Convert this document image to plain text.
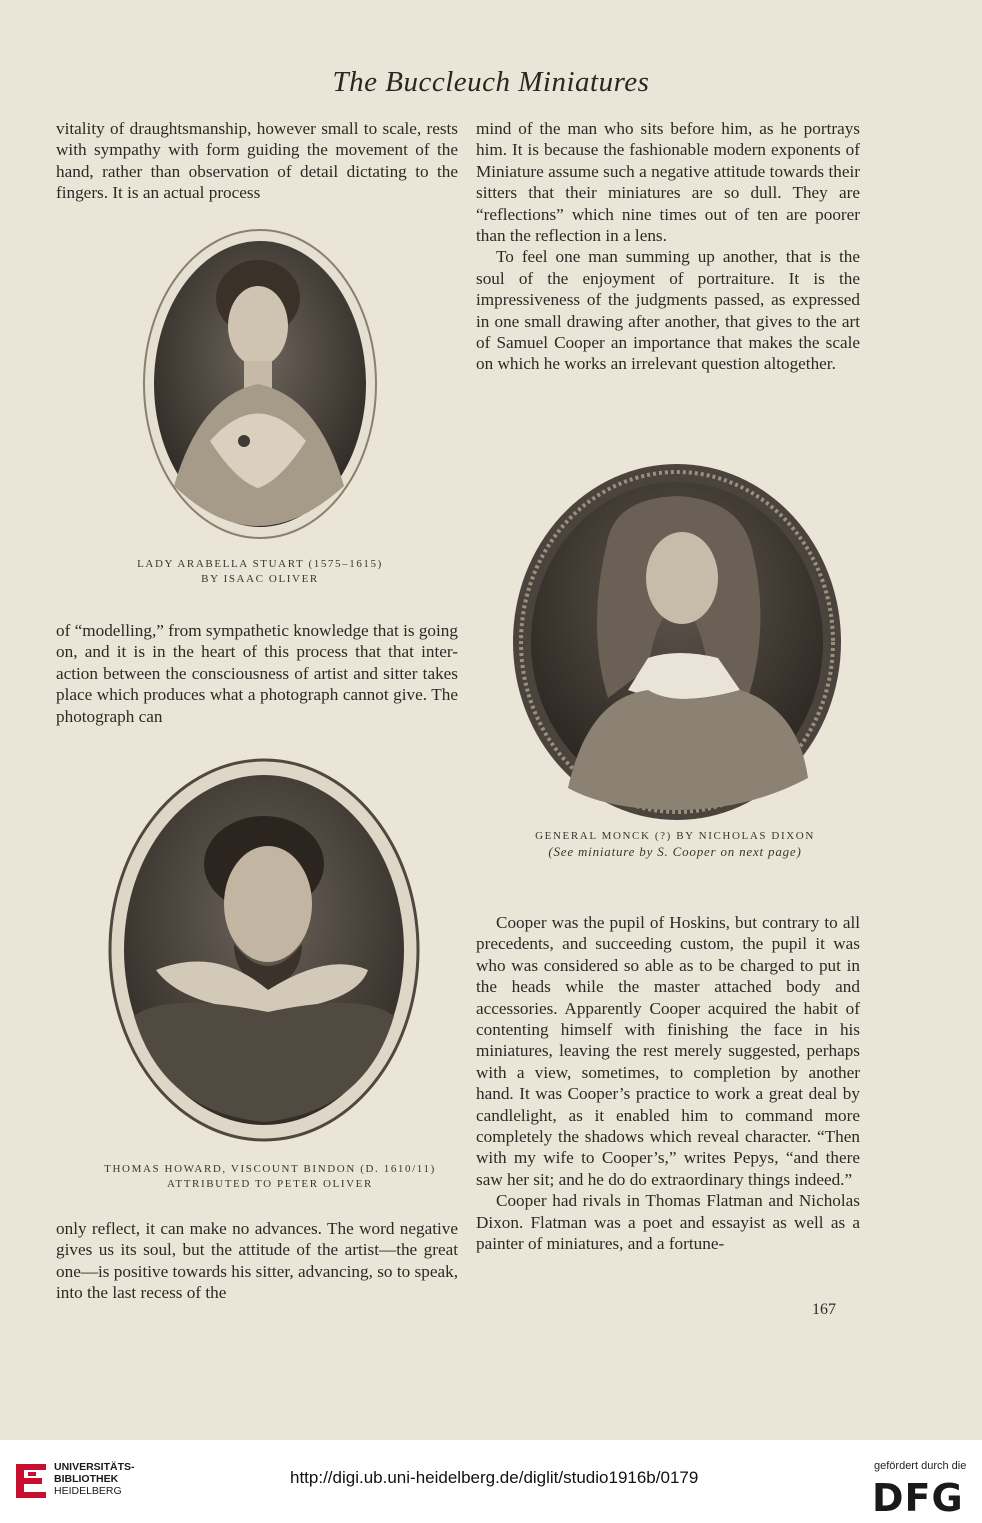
The Buccleuch Miniatures

vitality of draughtsmanship, however small to scale, rests with sympathy with form guiding the movement of the hand, rather than observation of detail dictating to the fingers. It is an actual process

of “modelling,” from sympathetic knowledge that is going on, and it is in the heart of this process that that inter-action between the consciousness of artist and sitter takes place which produces what a photograph cannot give. The photograph can

only reflect, it can make no advances. The word negative gives us its soul, but the attitude of the artist—the great one—is positive towards his sitter, advancing, so to speak, into the last recess of the

mind of the man who sits before him, as he portrays him. It is because the fashionable modern exponents of Miniature assume such a negative attitude towards their sitters that their miniatures are so dull. They are “reflections” which nine times out of ten are poorer than the reflection in a lens.

To feel one man summing up another, that is the soul of the enjoyment of portraiture. It is the impressiveness of the judgments passed, as expressed in one small drawing after another, that gives to the art of Samuel Cooper an importance that makes the scale on which he works an irrelevant question altogether.

Cooper was the pupil of Hoskins, but contrary to all precedents, and succeeding custom, the pupil it was who was considered so able as to be charged to put in the heads while the master attached body and accessories. Apparently Cooper acquired the habit of contenting himself with finishing the face in his miniatures, leaving the rest merely suggested, perhaps with a view, sometimes, to completion by another hand. It was Cooper’s practice to work a great deal by candlelight, as it enabled him to command more completely the shadows which reveal character. “Then with my wife to Cooper’s,” writes Pepys, “and there saw her sit; and he do do extraordinary things indeed.”

Cooper had rivals in Thomas Flatman and Nicholas Dixon. Flatman was a poet and essayist as well as a painter of miniatures, and a fortune-

LADY ARABELLA STUART (1575–1615)
BY ISAAC OLIVER
GENERAL MONCK (?) BY NICHOLAS DIXON
(See miniature by S. Cooper on next page)
THOMAS HOWARD, VISCOUNT BINDON (D. 1610/11)
ATTRIBUTED TO PETER OLIVER
167
UNIVERSITÄTS-
BIBLIOTHEK
HEIDELBERG
http://digi.ub.uni-heidelberg.de/diglit/studio1916b/0179
gefördert durch die
DFG
